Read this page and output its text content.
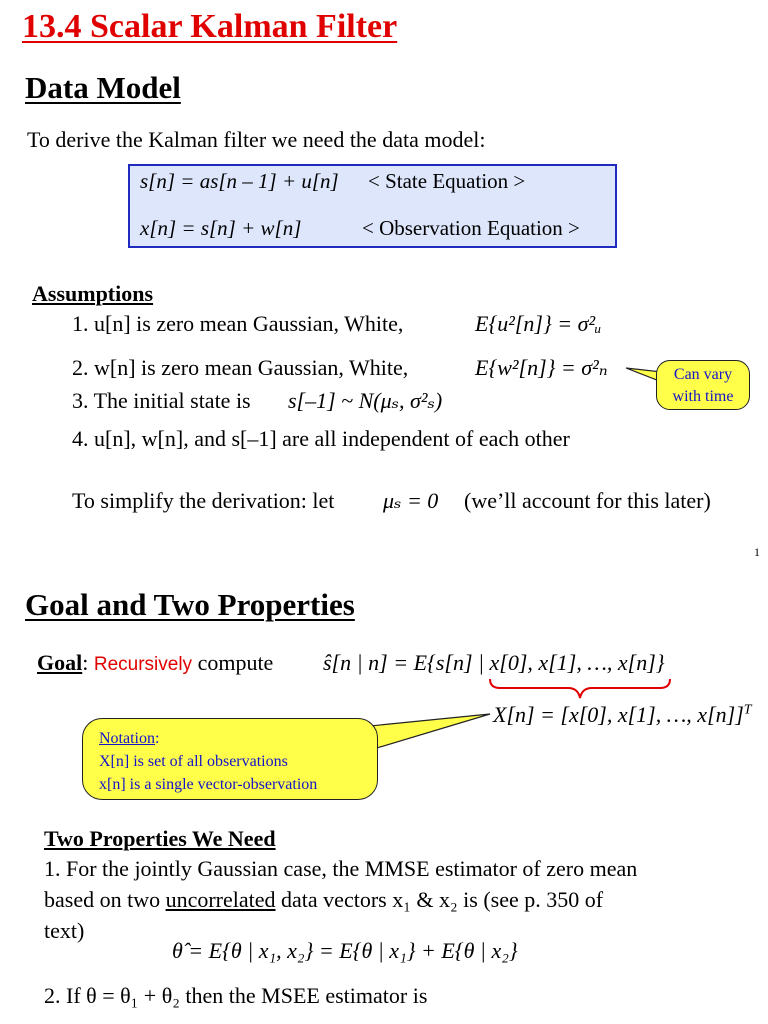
13.4 Scalar Kalman Filter
Data Model
To derive the Kalman filter we need the data model:
s[n] = as[n – 1] + u[n] < State Equation >
x[n] = s[n] + w[n]	< Observation Equation >
Assumptions
1. u[n] is zero mean Gaussian, White,	E{u²[n]} = σ²ᵤ
2. w[n] is zero mean Gaussian, White,	E{w²[n]} = σ²ₙ
3. The initial state is s[–1] ~ N(μₛ, σ²ₛ)
4. u[n], w[n], and s[–1] are all independent of each other
To simplify the derivation: let μₛ = 0 (we’ll account for this later)
Can vary
with time
1
Goal and Two Properties
Goal: Recursively compute ŝ[n | n] = E{s[n] | x[0], x[1], …, x[n]}
X[n] = [x[0], x[1], …, x[n]]$^T$
Notation:
X[n] is set of all observations
x[n] is a single vector-observation
Two Properties We Need
1. For the jointly Gaussian case, the MMSE estimator of zero mean
based on two uncorrelated data vectors x₁ & x₂ is (see p. 350 of
text)
θ̂ = E{θ | x₁, x₂} = E{θ | x₁} + E{θ | x₂}
2. If θ = θ₁ + θ₂ then the MSEE estimator is
